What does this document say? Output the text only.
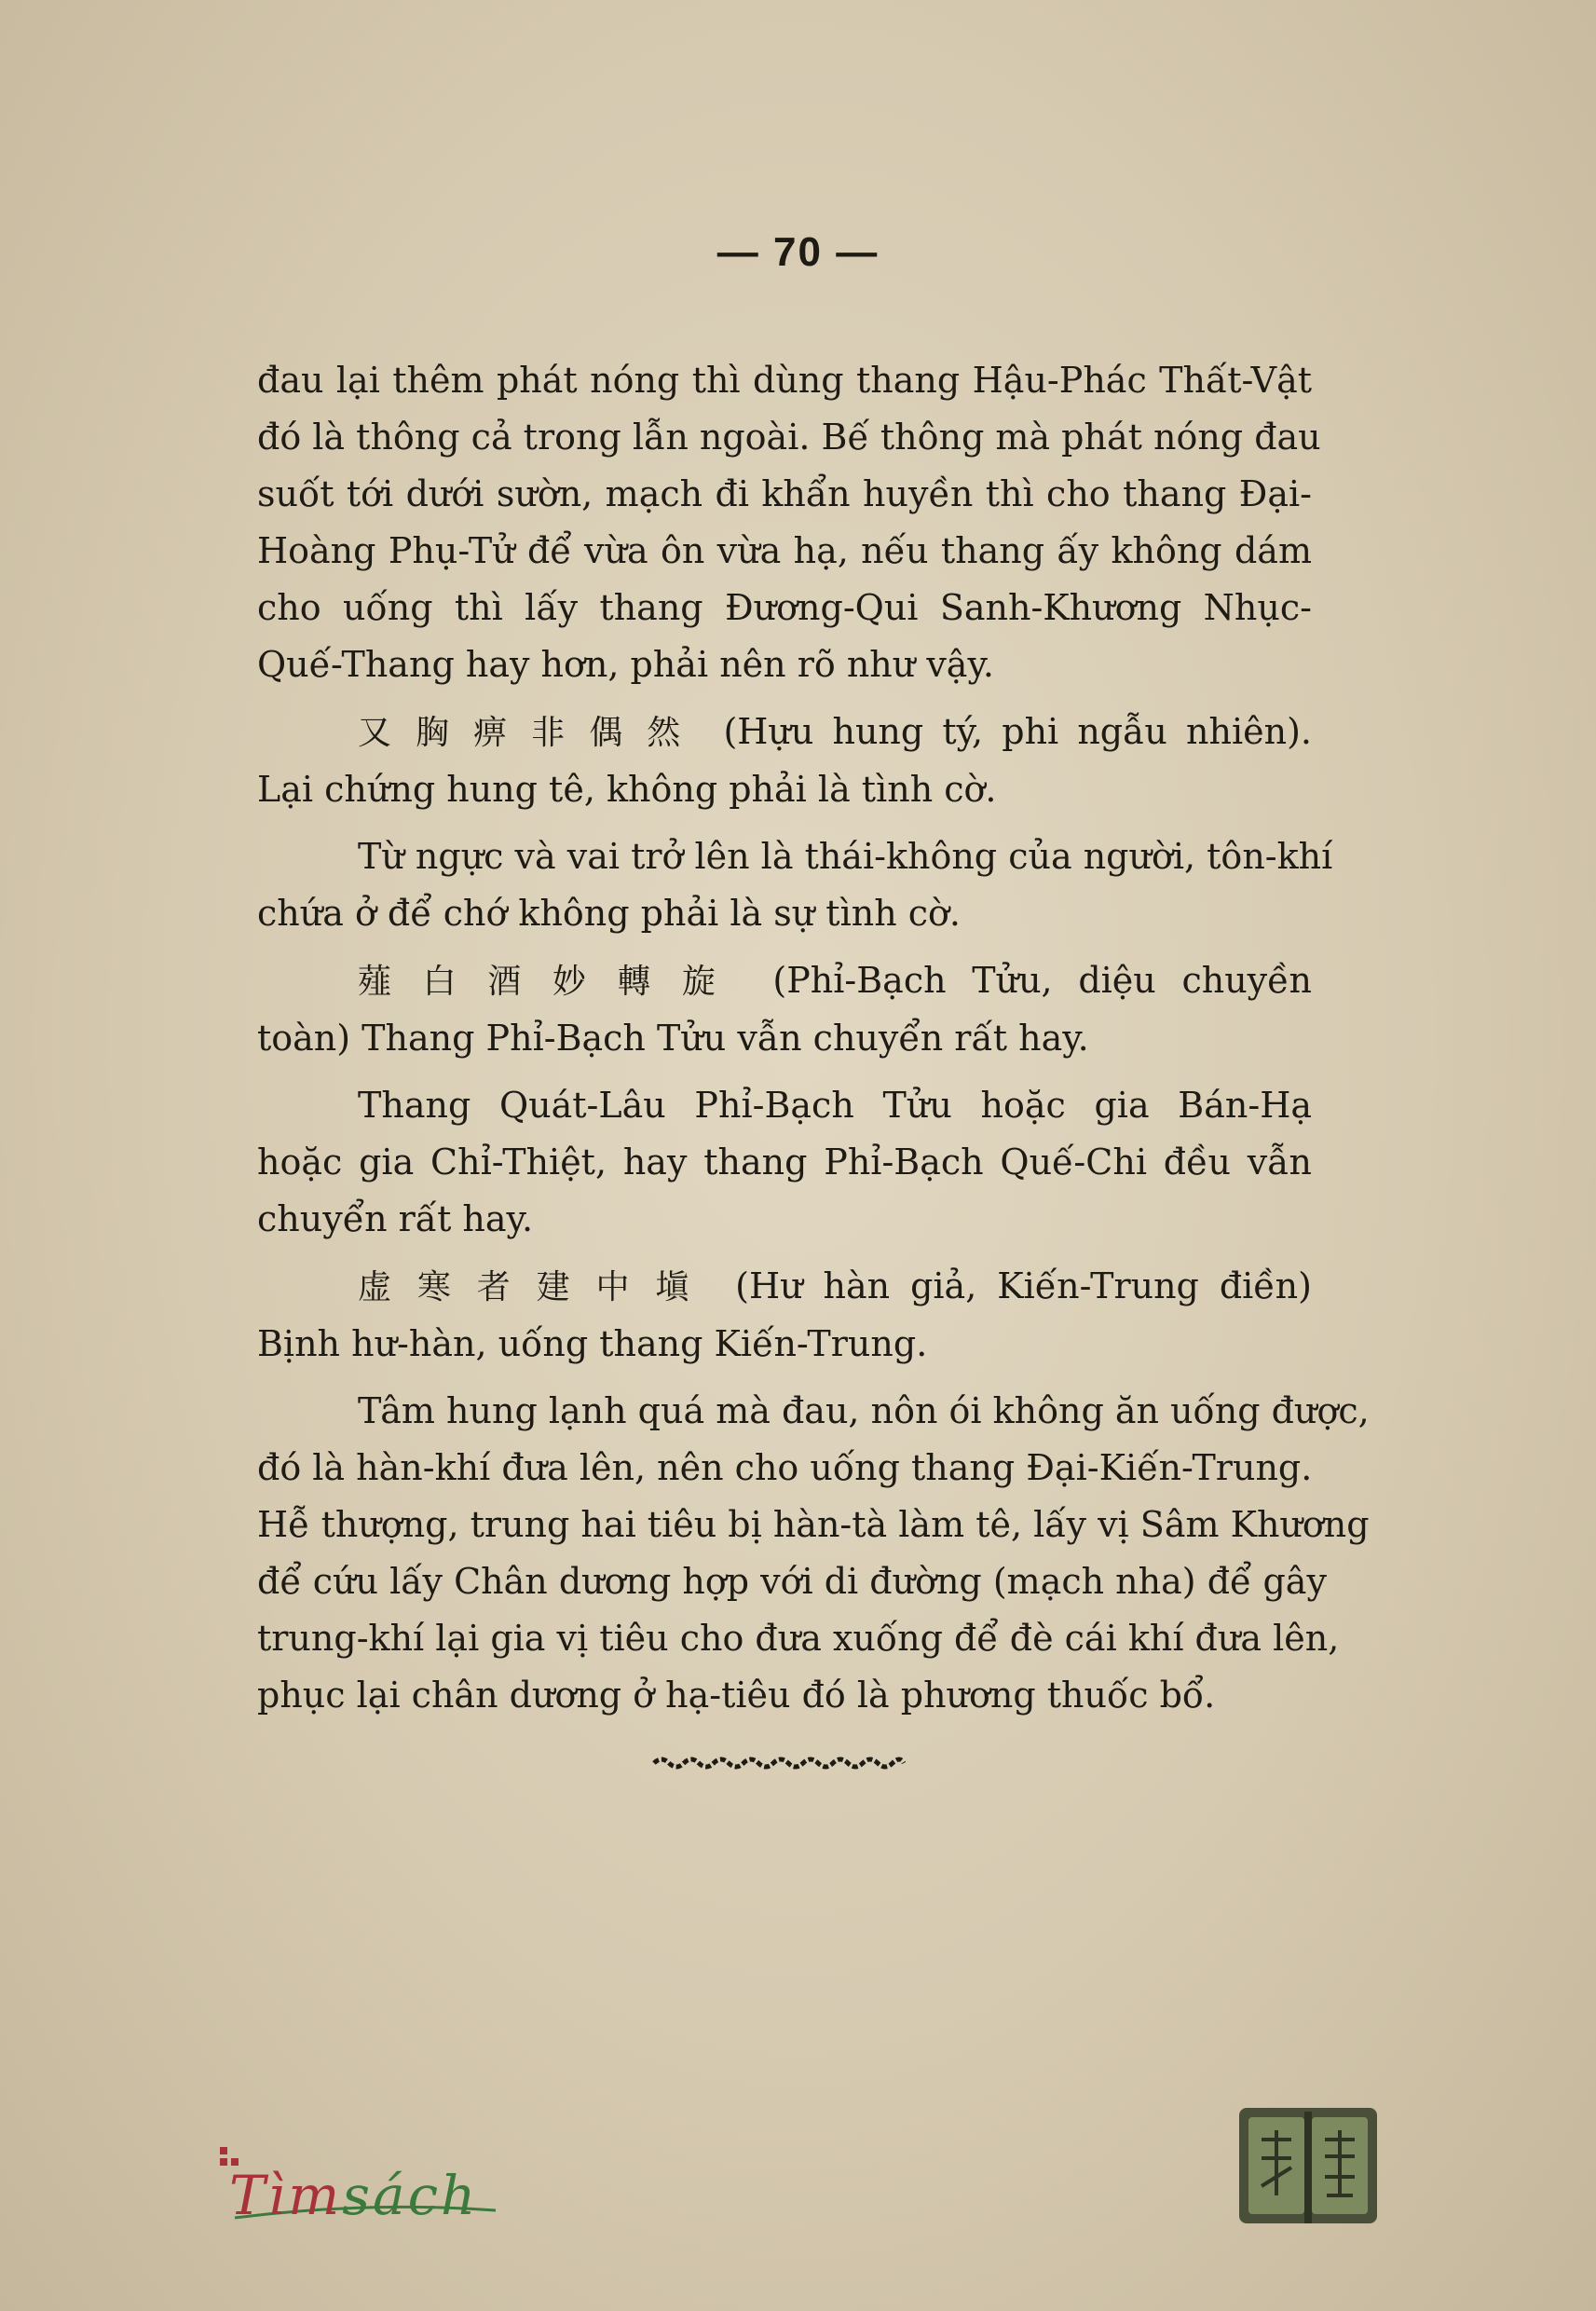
— 70 —

đau lại thêm phát nóng thì dùng thang Hậu-Phác Thất-Vật
đó là thông cả trong lẫn ngoài. Bế thông mà phát nóng đau
suốt tới dưới sườn, mạch đi khẩn huyền thì cho thang Đại-
Hoàng Phụ-Tử để vừa ôn vừa hạ, nếu thang ấy không dám
cho uống thì lấy thang Đương-Qui Sanh-Khương Nhục-
Quế-Thang hay hơn, phải nên rõ như vậy.

又胸痹非偶然 (Hựu hung tý, phi ngẫu nhiên).
Lại chứng hung tê, không phải là tình cờ.

Từ ngực và vai trở lên là thái-không của người, tôn-khí
chứa ở để chớ không phải là sự tình cờ.

薤白酒妙轉旋 (Phỉ-Bạch Tửu, diệu chuyền
toàn) Thang Phỉ-Bạch Tửu vẫn chuyển rất hay.

Thang Quát-Lâu Phỉ-Bạch Tửu hoặc gia Bán-Hạ
hoặc gia Chỉ-Thiệt, hay thang Phỉ-Bạch Quế-Chi đều vẫn
chuyển rất hay.

虚寒者建中塡 (Hư hàn giả, Kiến-Trung điền)
Bịnh hư-hàn, uống thang Kiến-Trung.

Tâm hung lạnh quá mà đau, nôn ói không ăn uống được,
đó là hàn-khí đưa lên, nên cho uống thang Đại-Kiến-Trung.
Hễ thượng, trung hai tiêu bị hàn-tà làm tê, lấy vị Sâm Khương
để cứu lấy Chân dương hợp với di đường (mạch nha) để gây
trung-khí lại gia vị tiêu cho đưa xuống để đè cái khí đưa lên,
phục lại chân dương ở hạ-tiêu đó là phương thuốc bổ.

Tìmsách
